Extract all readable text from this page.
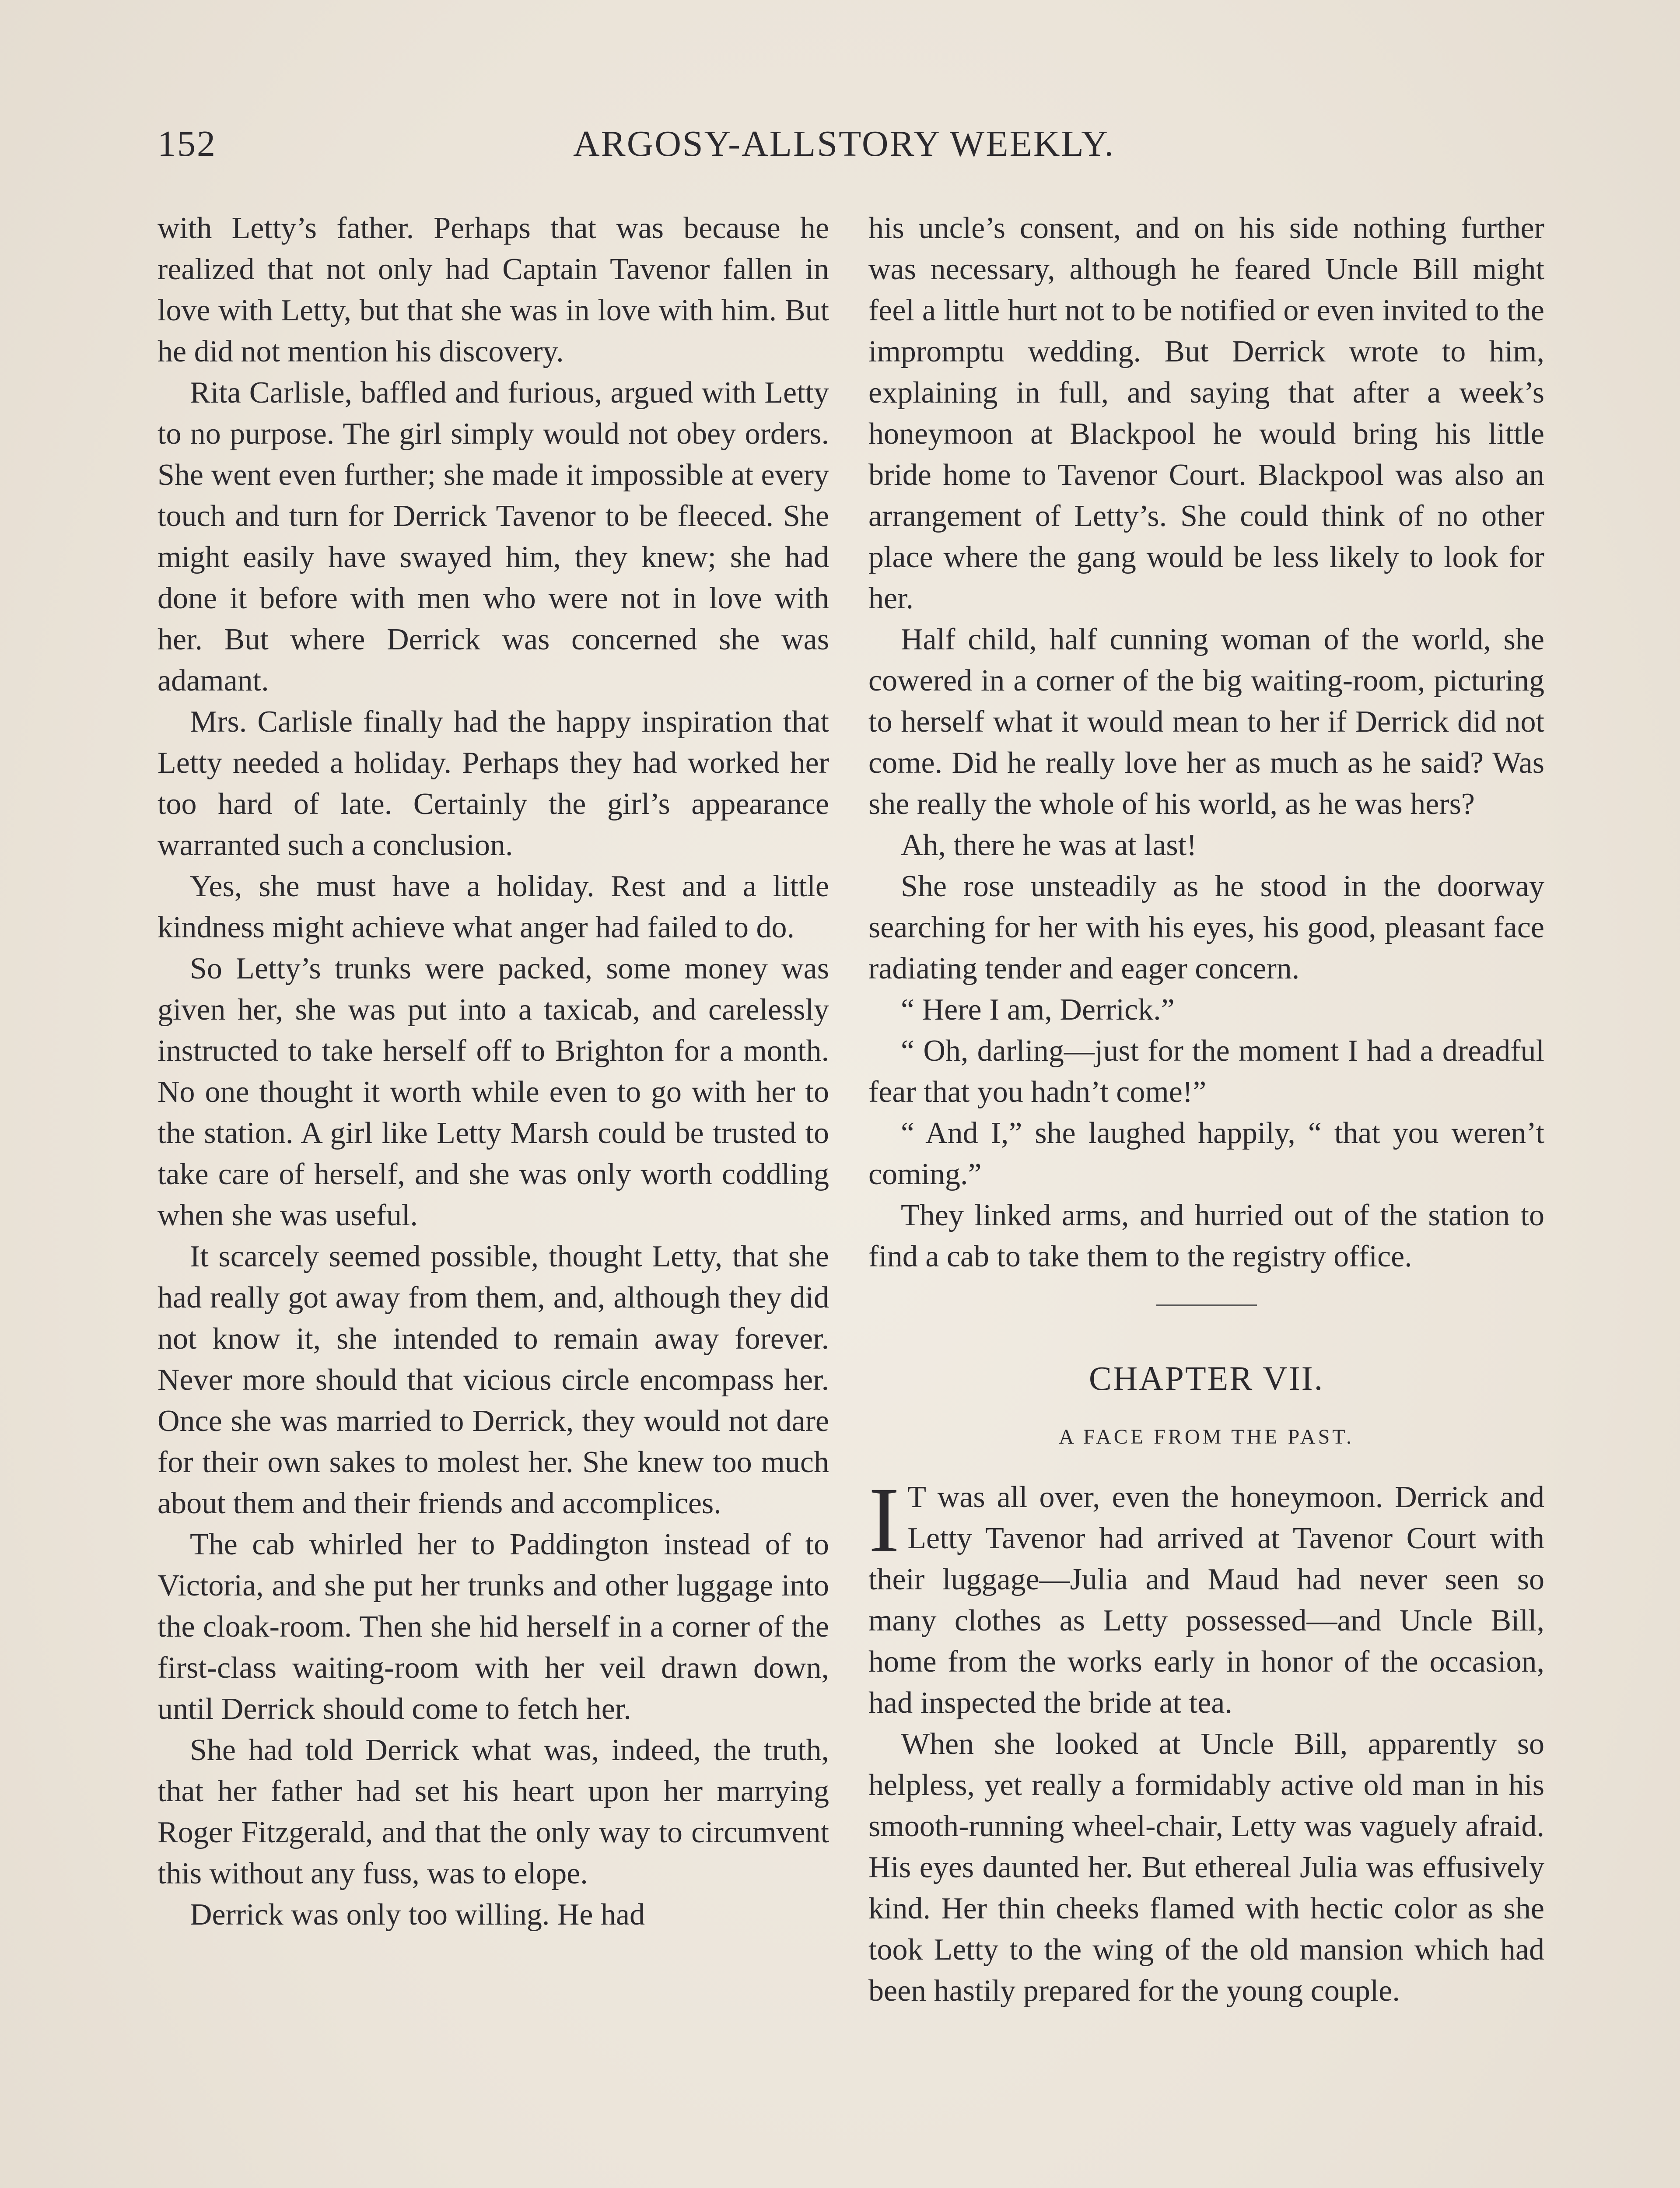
152	ARGOSY-ALLSTORY WEEKLY.

with Letty’s father. Perhaps that was because he realized that not only had Captain Tavenor fallen in love with Letty, but that she was in love with him. But he did not mention his discovery.

Rita Carlisle, baffled and furious, argued with Letty to no purpose. The girl simply would not obey orders. She went even further; she made it impossible at every touch and turn for Derrick Tavenor to be fleeced. She might easily have swayed him, they knew; she had done it before with men who were not in love with her. But where Derrick was concerned she was adamant.

Mrs. Carlisle finally had the happy inspiration that Letty needed a holiday. Perhaps they had worked her too hard of late. Certainly the girl’s appearance warranted such a conclusion.

Yes, she must have a holiday. Rest and a little kindness might achieve what anger had failed to do.

So Letty’s trunks were packed, some money was given her, she was put into a taxicab, and carelessly instructed to take herself off to Brighton for a month. No one thought it worth while even to go with her to the station. A girl like Letty Marsh could be trusted to take care of herself, and she was only worth coddling when she was useful.

It scarcely seemed possible, thought Letty, that she had really got away from them, and, although they did not know it, she intended to remain away forever. Never more should that vicious circle encompass her. Once she was married to Derrick, they would not dare for their own sakes to molest her. She knew too much about them and their friends and accomplices.

The cab whirled her to Paddington instead of to Victoria, and she put her trunks and other luggage into the cloak-room. Then she hid herself in a corner of the first-class waiting-room with her veil drawn down, until Derrick should come to fetch her.

She had told Derrick what was, indeed, the truth, that her father had set his heart upon her marrying Roger Fitzgerald, and that the only way to circumvent this without any fuss, was to elope.

Derrick was only too willing. He had

his uncle’s consent, and on his side nothing further was necessary, although he feared Uncle Bill might feel a little hurt not to be notified or even invited to the impromptu wedding. But Derrick wrote to him, explaining in full, and saying that after a week’s honeymoon at Blackpool he would bring his little bride home to Tavenor Court. Blackpool was also an arrangement of Letty’s. She could think of no other place where the gang would be less likely to look for her.

Half child, half cunning woman of the world, she cowered in a corner of the big waiting-room, picturing to herself what it would mean to her if Derrick did not come. Did he really love her as much as he said? Was she really the whole of his world, as he was hers?

Ah, there he was at last!

She rose unsteadily as he stood in the doorway searching for her with his eyes, his good, pleasant face radiating tender and eager concern.

“ Here I am, Derrick.”

“ Oh, darling—just for the moment I had a dreadful fear that you hadn’t come!”

“ And I,” she laughed happily, “ that you weren’t coming.”

They linked arms, and hurried out of the station to find a cab to take them to the registry office.

CHAPTER VII.
A FACE FROM THE PAST.

I T was all over, even the honeymoon. Derrick and Letty Tavenor had arrived at Tavenor Court with their luggage—Julia and Maud had never seen so many clothes as Letty possessed—and Uncle Bill, home from the works early in honor of the occasion, had inspected the bride at tea.

When she looked at Uncle Bill, apparently so helpless, yet really a formidably active old man in his smooth-running wheel-chair, Letty was vaguely afraid. His eyes daunted her. But ethereal Julia was effusively kind. Her thin cheeks flamed with hectic color as she took Letty to the wing of the old mansion which had been hastily prepared for the young couple.
